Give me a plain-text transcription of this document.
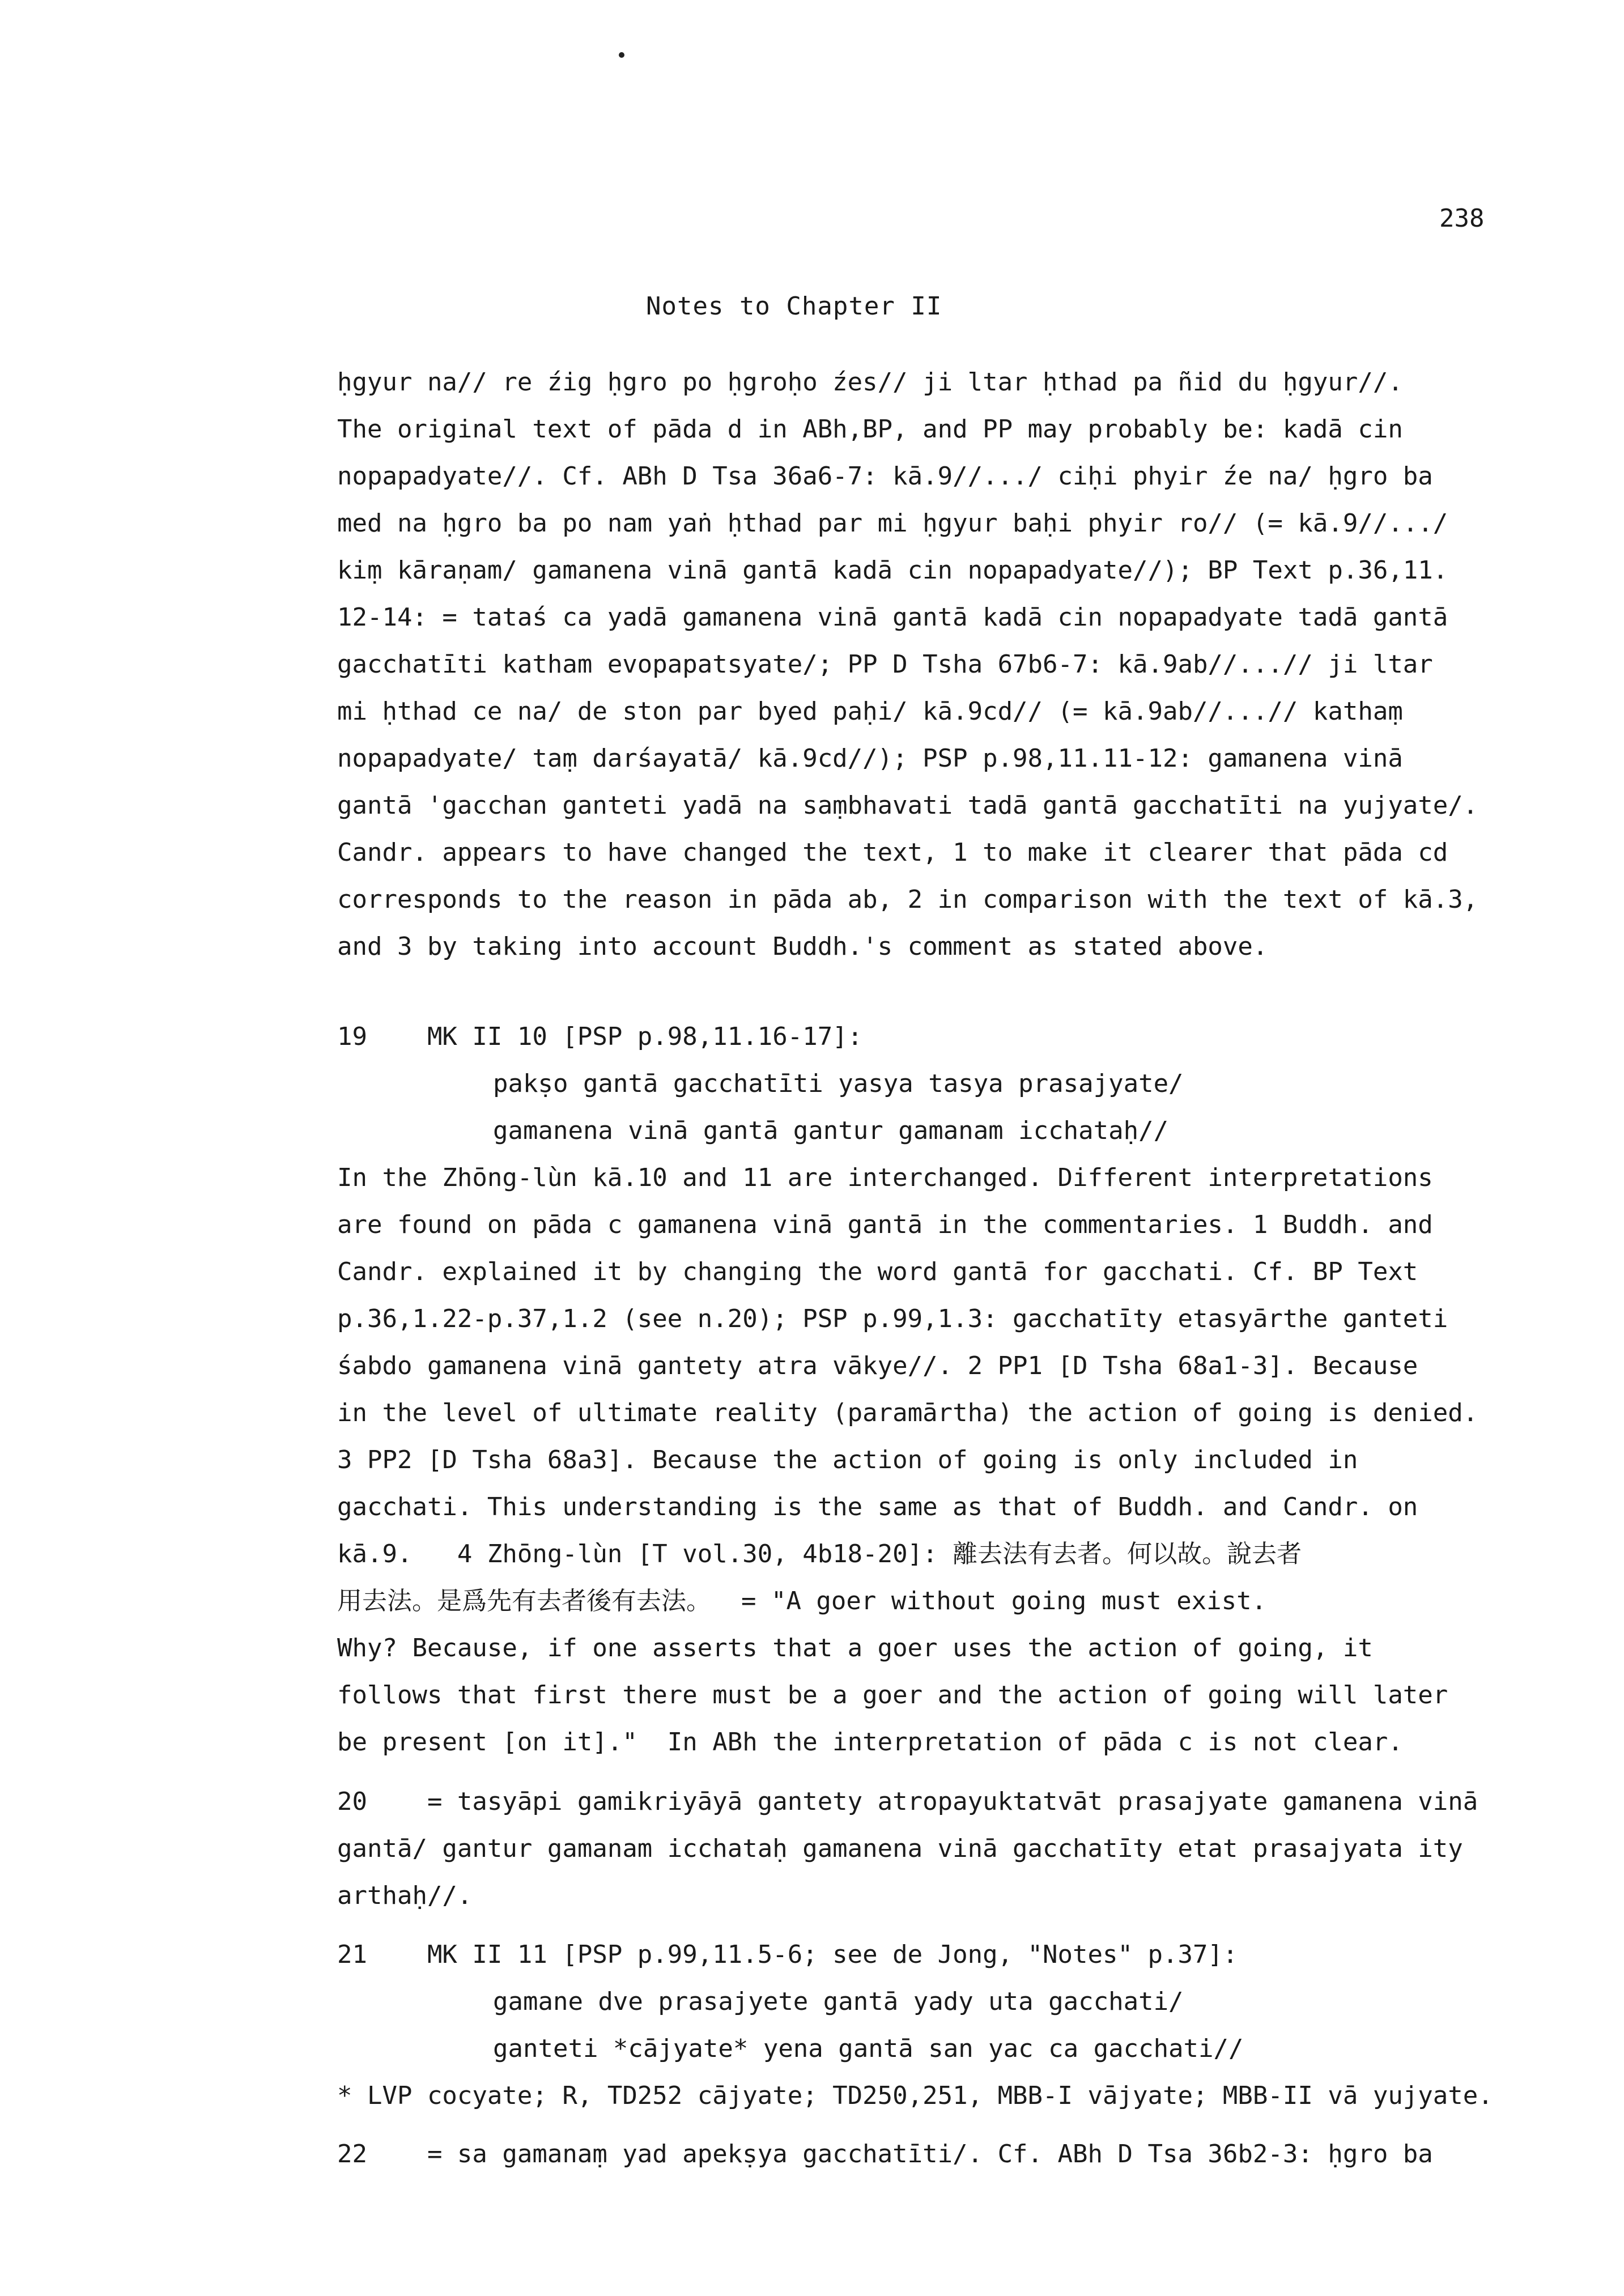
238
Notes to Chapter II
ḥgyur na// re źig ḥgro po ḥgroḥo źes// ji ltar ḥthad pa ñid du ḥgyur//.
The original text of pāda d in ABh,BP, and PP may probably be: kadā cin
nopapadyate//. Cf. ABh D Tsa 36a6-7: kā.9//.../ ciḥi phyir źe na/ ḥgro ba
med na ḥgro ba po nam yaṅ ḥthad par mi ḥgyur baḥi phyir ro// (= kā.9//.../
kiṃ kāraṇam/ gamanena vinā gantā kadā cin nopapadyate//); BP Text p.36,11.
12-14: = tataś ca yadā gamanena vinā gantā kadā cin nopapadyate tadā gantā
gacchatīti katham evopapatsyate/; PP D Tsha 67b6-7: kā.9ab//...// ji ltar
mi ḥthad ce na/ de ston par byed paḥi/ kā.9cd// (= kā.9ab//...// kathaṃ
nopapadyate/ taṃ darśayatā/ kā.9cd//); PSP p.98,11.11-12: gamanena vinā
gantā 'gacchan ganteti yadā na saṃbhavati tadā gantā gacchatīti na yujyate/.
Candr. appears to have changed the text, 1 to make it clearer that pāda cd
corresponds to the reason in pāda ab, 2 in comparison with the text of kā.3,
and 3 by taking into account Buddh.'s comment as stated above.
19    MK II 10 [PSP p.98,11.16-17]:
pakṣo gantā gacchatīti yasya tasya prasajyate/
gamanena vinā gantā gantur gamanam icchataḥ//
In the Zhōng-lùn kā.10 and 11 are interchanged. Different interpretations
are found on pāda c gamanena vinā gantā in the commentaries. 1 Buddh. and
Candr. explained it by changing the word gantā for gacchati. Cf. BP Text
p.36,1.22-p.37,1.2 (see n.20); PSP p.99,1.3: gacchatīty etasyārthe ganteti
śabdo gamanena vinā gantety atra vākye//. 2 PP1 [D Tsha 68a1-3]. Because
in the level of ultimate reality (paramārtha) the action of going is denied.
3 PP2 [D Tsha 68a3]. Because the action of going is only included in
gacchati. This understanding is the same as that of Buddh. and Candr. on
kā.9.   4 Zhōng-lùn [T vol.30, 4b18-20]: 離去法有去者。何以故。說去者
用去法。是爲先有去者後有去法。  = "A goer without going must exist.
Why? Because, if one asserts that a goer uses the action of going, it
follows that first there must be a goer and the action of going will later
be present [on it]."  In ABh the interpretation of pāda c is not clear.
20    = tasyāpi gamikriyāyā gantety atropayuktatvāt prasajyate gamanena vinā
gantā/ gantur gamanam icchataḥ gamanena vinā gacchatīty etat prasajyata ity
arthaḥ//.
21    MK II 11 [PSP p.99,11.5-6; see de Jong, "Notes" p.37]:
gamane dve prasajyete gantā yady uta gacchati/
ganteti *cājyate* yena gantā san yac ca gacchati//
* LVP cocyate; R, TD252 cājyate; TD250,251, MBB-I vājyate; MBB-II vā yujyate.
22    = sa gamanaṃ yad apekṣya gacchatīti/. Cf. ABh D Tsa 36b2-3: ḥgro ba
